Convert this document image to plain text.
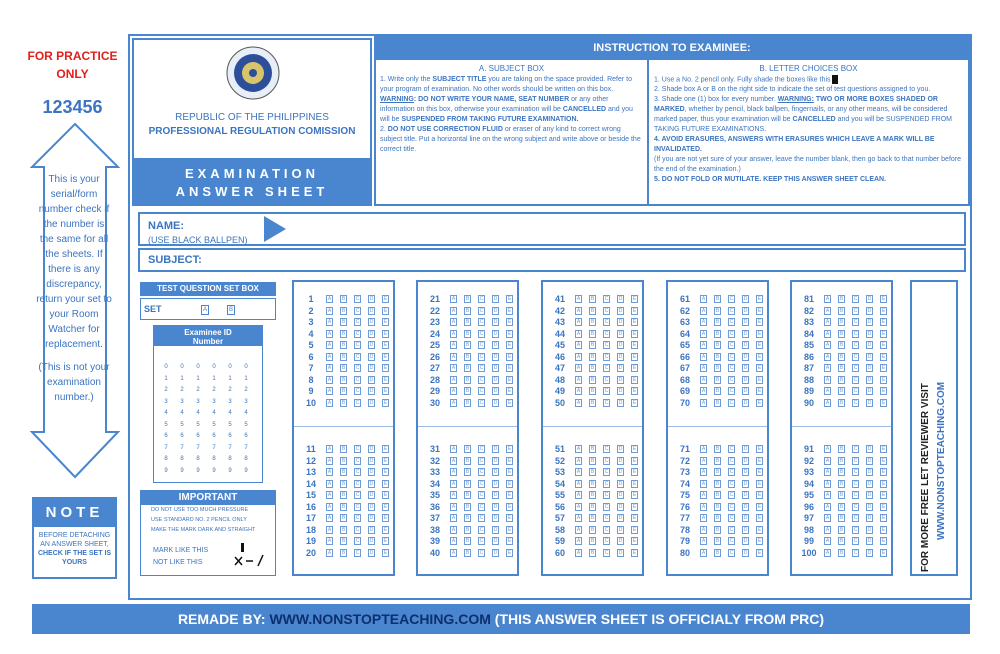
FOR PRACTICE ONLY
123456
This is your serial/form number check if the number is the same for all the sheets. If there is any discrepancy, return your set to your Room Watcher for replacement.
(This is not your examination number.)
NOTE
BEFORE DETACHING AN ANSWER SHEET,
CHECK IF THE SET IS YOURS
REPUBLIC OF THE PHILIPPINES
PROFESSIONAL REGULATION COMISSION
EXAMINATION
ANSWER SHEET
INSTRUCTION TO EXAMINEE:
A. SUBJECT BOX
1. Write only the SUBJECT TITLE you are taking on the space provided. Refer to your program of examination. No other words should be written on this box. WARNING: DO NOT WRITE YOUR NAME, SEAT NUMBER or any other information on this box, otherwise your examination will be CANCELLED and you will be SUSPENDED FROM TAKING FUTURE EXAMINATION.
2. DO NOT USE CORRECTION FLUID or eraser of any kind to correct wrong subject title. Put a horizontal line on the wrong subject and write above or beside the correct title.
B. LETTER CHOICES BOX
1. Use a No. 2 pencil only. Fully shade the boxes like this
2. Shade box A or B on the right side to indicate the set of test questions assigned to you.
3. Shade one (1) box for every number. WARNING: TWO OR MORE BOXES SHADED OR MARKED, whether by pencil, black ballpen, fingernails, or any other means, will be considered marked paper, thus your examination will be CANCELLED and you will be SUSPENDED FROM TAKING FUTURE EXAMINATIONS.
4. AVOID ERASURES, ANSWERS WITH ERASURES WHICH LEAVE A MARK WILL BE INVALIDATED.
(If you are not yet sure of your answer, leave the number blank, then go back to that number before the end of the examination.)
5. DO NOT FOLD OR MUTILATE. KEEP THIS ANSWER SHEET CLEAN.
NAME:
(USE BLACK BALLPEN)
SUBJECT:
TEST QUESTION SET BOX
SET	A	B
Examinee ID
Number
0	0	0	0	0	0
1	1	1	1	1	1
2	2	2	2	2	2
3	3	3	3	3	3
4	4	4	4	4	4
5	5	5	5	5	5
6	6	6	6	6	6
7	7	7	7	7	7
8	8	8	8	8	8
9	9	9	9	9	9
IMPORTANT
DO NOT USE TOO MUCH PRESSURE
USE STANDARD NO. 2 PENCIL ONLY
MAKE THE MARK DARK AND STRAIGHT
MARK LIKE THIS
NOT LIKE THIS
1	A	B	C	D	E
2	A	B	C	D	E
3	A	B	C	D	E
4	A	B	C	D	E
5	A	B	C	D	E
6	A	B	C	D	E
7	A	B	C	D	E
8	A	B	C	D	E
9	A	B	C	D	E
10	A	B	C	D	E
11	A	B	C	D	E
12	A	B	C	D	E
13	A	B	C	D	E
14	A	B	C	D	E
15	A	B	C	D	E
16	A	B	C	D	E
17	A	B	C	D	E
18	A	B	C	D	E
19	A	B	C	D	E
20	A	B	C	D	E
21	A	B	C	D	E
22	A	B	C	D	E
23	A	B	C	D	E
24	A	B	C	D	E
25	A	B	C	D	E
26	A	B	C	D	E
27	A	B	C	D	E
28	A	B	C	D	E
29	A	B	C	D	E
30	A	B	C	D	E
31	A	B	C	D	E
32	A	B	C	D	E
33	A	B	C	D	E
34	A	B	C	D	E
35	A	B	C	D	E
36	A	B	C	D	E
37	A	B	C	D	E
38	A	B	C	D	E
39	A	B	C	D	E
40	A	B	C	D	E
41	A	B	C	D	E
42	A	B	C	D	E
43	A	B	C	D	E
44	A	B	C	D	E
45	A	B	C	D	E
46	A	B	C	D	E
47	A	B	C	D	E
48	A	B	C	D	E
49	A	B	C	D	E
50	A	B	C	D	E
51	A	B	C	D	E
52	A	B	C	D	E
53	A	B	C	D	E
54	A	B	C	D	E
55	A	B	C	D	E
56	A	B	C	D	E
57	A	B	C	D	E
58	A	B	C	D	E
59	A	B	C	D	E
60	A	B	C	D	E
61	A	B	C	D	E
62	A	B	C	D	E
63	A	B	C	D	E
64	A	B	C	D	E
65	A	B	C	D	E
66	A	B	C	D	E
67	A	B	C	D	E
68	A	B	C	D	E
69	A	B	C	D	E
70	A	B	C	D	E
71	A	B	C	D	E
72	A	B	C	D	E
73	A	B	C	D	E
74	A	B	C	D	E
75	A	B	C	D	E
76	A	B	C	D	E
77	A	B	C	D	E
78	A	B	C	D	E
79	A	B	C	D	E
80	A	B	C	D	E
81	A	B	C	D	E
82	A	B	C	D	E
83	A	B	C	D	E
84	A	B	C	D	E
85	A	B	C	D	E
86	A	B	C	D	E
87	A	B	C	D	E
88	A	B	C	D	E
89	A	B	C	D	E
90	A	B	C	D	E
91	A	B	C	D	E
92	A	B	C	D	E
93	A	B	C	D	E
94	A	B	C	D	E
95	A	B	C	D	E
96	A	B	C	D	E
97	A	B	C	D	E
98	A	B	C	D	E
99	A	B	C	D	E
100	A	B	C	D	E	FOR MORE FREE LET REVIEWER VISIT WWW.NONSTOPTEACHING.COM
REMADE BY: WWW.NONSTOPTEACHING.COM (THIS ANSWER SHEET IS OFFICIALY FROM PRC)
